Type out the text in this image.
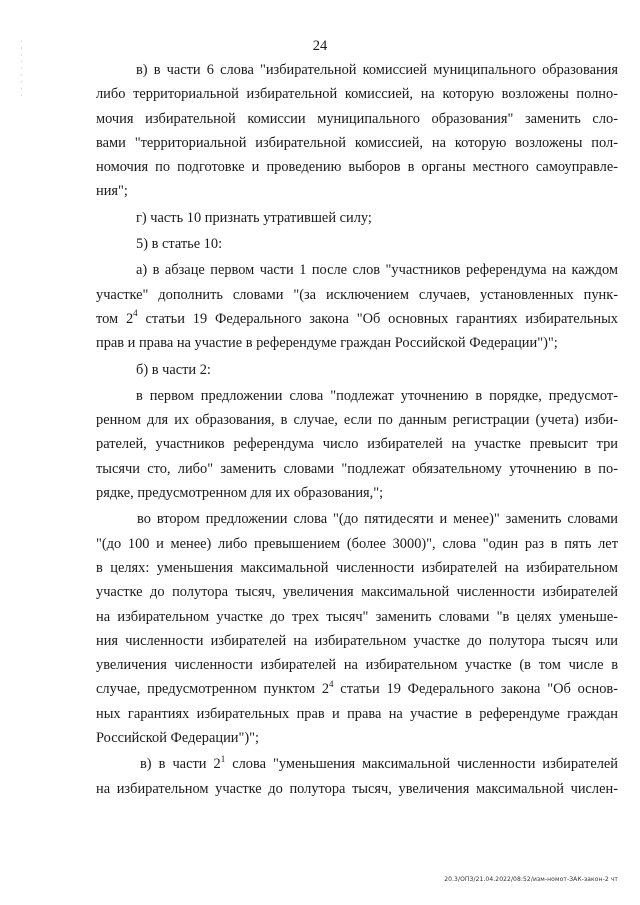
- - - - - - - - -	24
в) в части 6 слова "избирательной комиссией муниципального образования
либо территориальной избирательной комиссией, на которую возложены полно-
мочия избирательной комиссии муниципального образования" заменить сло-
вами "территориальной избирательной комиссией, на которую возложены пол-
номочия по подготовке и проведению выборов в органы местного самоуправле-
ния";
г) часть 10 признать утратившей силу;
5) в статье 10:
а) в абзаце первом части 1 после слов "участников референдума на каждом
участке" дополнить словами "(за исключением случаев, установленных пунк-
том $2^4$ статьи 19 Федерального закона "Об основных гарантиях избирательных
прав и права на участие в референдуме граждан Российской Федерации")";
б) в части 2:
в первом предложении слова "подлежат уточнению в порядке, предусмот-
ренном для их образования, в случае, если по данным регистрации (учета) изби-
рателей, участников референдума число избирателей на участке превысит три
тысячи сто, либо" заменить словами "подлежат обязательному уточнению в по-
рядке, предусмотренном для их образования,";
во втором предложении слова "(до пятидесяти и менее)" заменить словами
"(до 100 и менее) либо превышением (более 3000)", слова "один раз в пять лет
в целях: уменьшения максимальной численности избирателей на избирательном
участке до полутора тысяч, увеличения максимальной численности избирателей
на избирательном участке до трех тысяч" заменить словами "в целях уменьше-
ния численности избирателей на избирательном участке до полутора тысяч или
увеличения численности избирателей на избирательном участке (в том числе в
случае, предусмотренном пунктом $2^4$ статьи 19 Федерального закона "Об основ-
ных гарантиях избирательных прав и права на участие в референдуме граждан
Российской Федерации")";
в) в части $2^1$ слова "уменьшения максимальной численности избирателей
на избирательном участке до полутора тысяч, увеличения максимальной числен-
20.3/ОПЗ/21.04.2022/08:52/изм-номот-ЗАК-закон-2 чт
